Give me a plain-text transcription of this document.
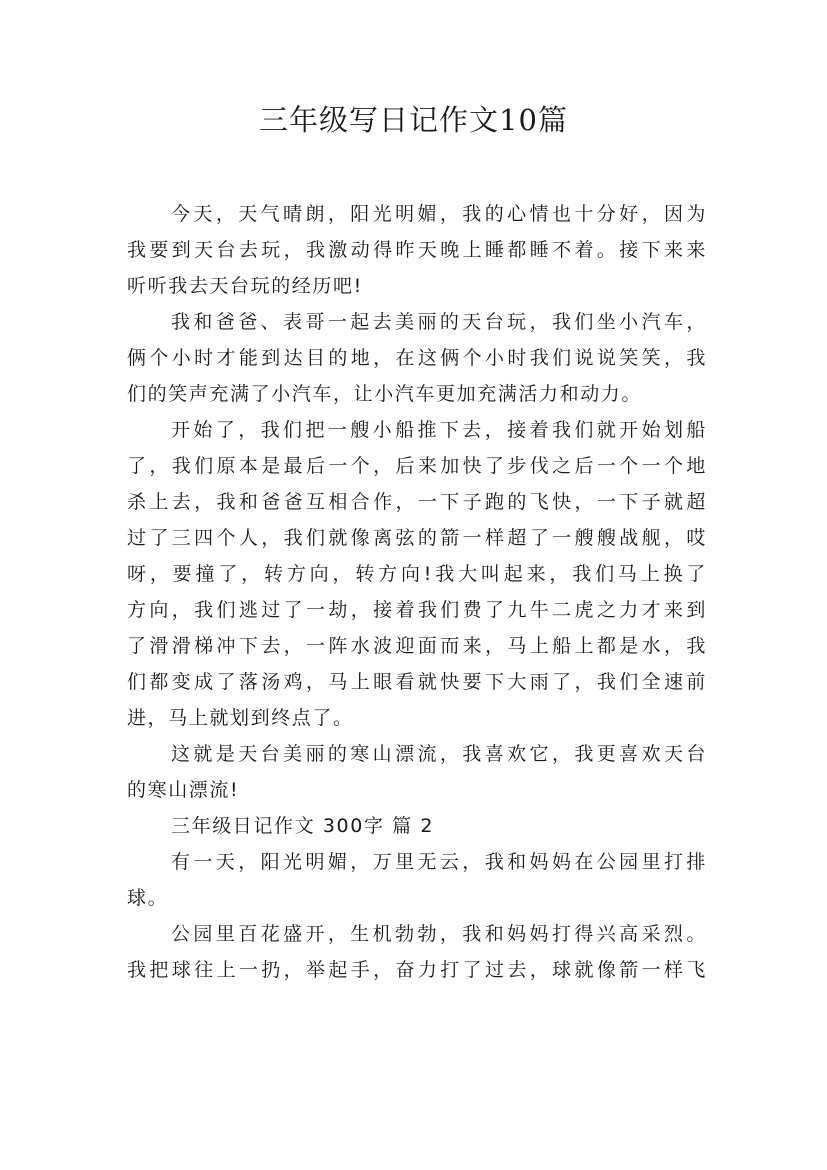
三年级写日记作文10篇
今天，天气晴朗，阳光明媚，我的心情也十分好，因为
我要到天台去玩，我激动得昨天晚上睡都睡不着。接下来来
听听我去天台玩的经历吧!
我和爸爸、表哥一起去美丽的天台玩，我们坐小汽车，
俩个小时才能到达目的地，在这俩个小时我们说说笑笑，我
们的笑声充满了小汽车，让小汽车更加充满活力和动力。
开始了，我们把一艘小船推下去，接着我们就开始划船
了，我们原本是最后一个，后来加快了步伐之后一个一个地
杀上去，我和爸爸互相合作，一下子跑的飞快，一下子就超
过了三四个人，我们就像离弦的箭一样超了一艘艘战舰，哎
呀，要撞了，转方向，转方向!我大叫起来，我们马上换了
方向，我们逃过了一劫，接着我们费了九牛二虎之力才来到
了滑滑梯冲下去，一阵水波迎面而来，马上船上都是水，我
们都变成了落汤鸡，马上眼看就快要下大雨了，我们全速前
进，马上就划到终点了。
这就是天台美丽的寒山漂流，我喜欢它，我更喜欢天台
的寒山漂流!
三年级日记作文 300字 篇 2
有一天，阳光明媚，万里无云，我和妈妈在公园里打排
球。
公园里百花盛开，生机勃勃，我和妈妈打得兴高采烈。
我把球往上一扔，举起手，奋力打了过去，球就像箭一样飞
